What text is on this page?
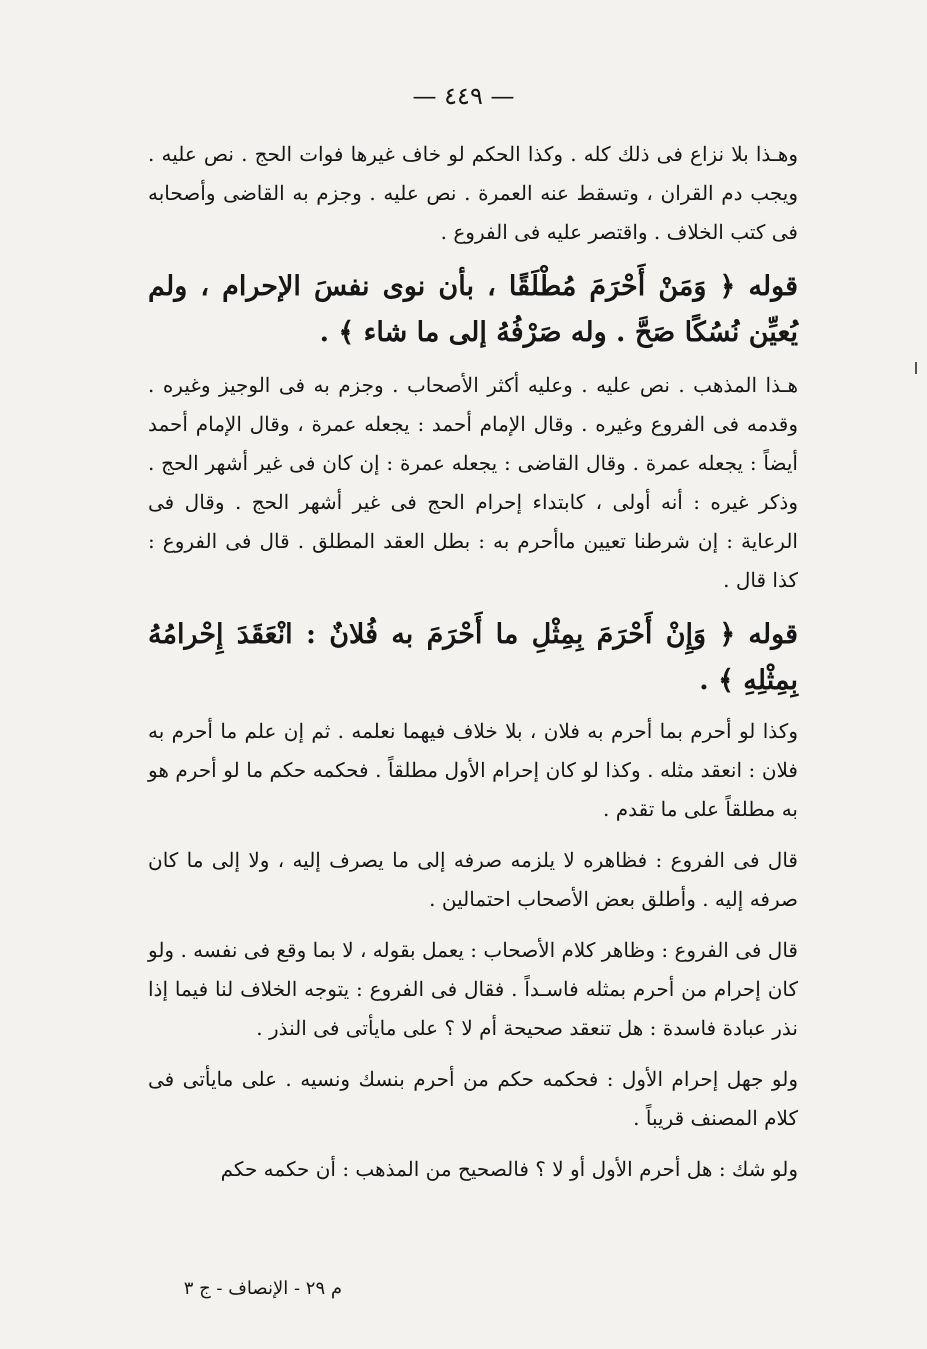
— ٤٤٩ —

وهـذا بلا نزاع فى ذلك كله . وكذا الحكم لو خاف غيرها فوات الحج . نص عليه . ويجب دم القران ، وتسقط عنه العمرة . نص عليه . وجزم به القاضى وأصحابه فى كتب الخلاف . واقتصر عليه فى الفروع .

قوله ﴿ وَمَنْ أَحْرَمَ مُطْلَقًا ، بأن نوى نفسَ الإحرام ، ولم يُعيِّن نُسُكًا صَحَّ . وله صَرْفُهُ إلى ما شاء ﴾ .

هـذا المذهب . نص عليه . وعليه أكثر الأصحاب . وجزم به فى الوجيز وغيره . وقدمه فى الفروع وغيره . وقال الإمام أحمد : يجعله عمرة ، وقال الإمام أحمد أيضاً : يجعله عمرة . وقال القاضى : يجعله عمرة : إن كان فى غير أشهر الحج . وذكر غيره : أنه أولى ، كابتداء إحرام الحج فى غير أشهر الحج . وقال فى الرعاية : إن شرطنا تعيين ماأحرم به : بطل العقد المطلق . قال فى الفروع : كذا قال .

قوله ﴿ وَإِنْ أَحْرَمَ بِمِثْلِ ما أَحْرَمَ به فُلانٌ : انْعَقَدَ إِحْرامُهُ بِمِثْلِهِ ﴾ .

وكذا لو أحرم بما أحرم به فلان ، بلا خلاف فيهما نعلمه . ثم إن علم ما أحرم به فلان : انعقد مثله . وكذا لو كان إحرام الأول مطلقاً . فحكمه حكم ما لو أحرم هو به مطلقاً على ما تقدم .

قال فى الفروع : فظاهره لا يلزمه صرفه إلى ما يصرف إليه ، ولا إلى ما كان صرفه إليه . وأطلق بعض الأصحاب احتمالين .

قال فى الفروع : وظاهر كلام الأصحاب : يعمل بقوله ، لا بما وقع فى نفسه . ولو كان إحرام من أحرم بمثله فاسـداً . فقال فى الفروع : يتوجه الخلاف لنا فيما إذا نذر عبادة فاسدة : هل تنعقد صحيحة أم لا ؟ على مايأتى فى النذر .

ولو جهل إحرام الأول : فحكمه حكم من أحرم بنسك ونسيه . على مايأتى فى كلام المصنف قريباً .

ولو شك : هل أحرم الأول أو لا ؟ فالصحيح من المذهب : أن حكمه حكم

م ٢٩ - الإنصاف - ج ٣
